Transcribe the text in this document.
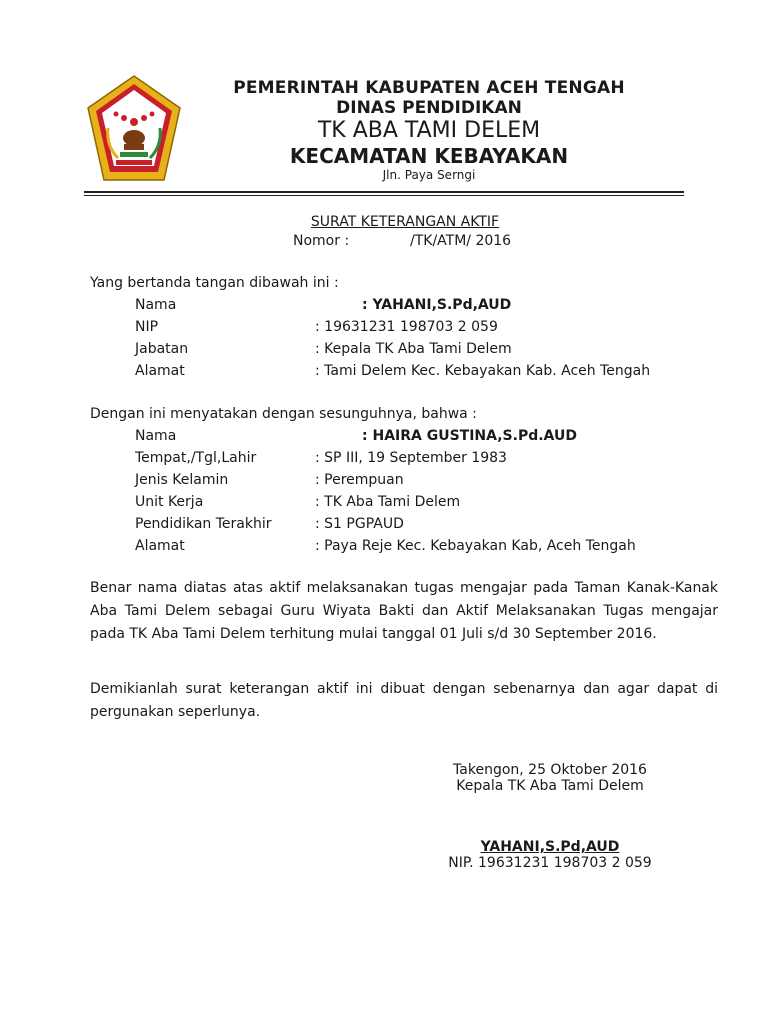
PEMERINTAH KABUPATEN ACEH TENGAH
DINAS PENDIDIKAN
TK ABA TAMI DELEM
KECAMATAN KEBAYAKAN
Jln. Paya Serngi
SURAT KETERANGAN AKTIF
Nomor :	/TK/ATM/ 2016
Yang bertanda tangan dibawah ini :
Nama	: YAHANI,S.Pd,AUD
NIP	: 19631231 198703 2 059
Jabatan	: Kepala TK Aba Tami Delem
Alamat	: Tami Delem Kec. Kebayakan Kab. Aceh Tengah
Dengan ini menyatakan dengan sesunguhnya, bahwa :
Nama	: HAIRA GUSTINA,S.Pd.AUD
Tempat,/Tgl,Lahir	: SP III, 19 September 1983
Jenis Kelamin	: Perempuan
Unit Kerja	: TK Aba Tami Delem
Pendidikan Terakhir	: S1 PGPAUD
Alamat	: Paya Reje Kec. Kebayakan Kab, Aceh Tengah
Benar nama diatas atas aktif melaksanakan tugas mengajar pada Taman Kanak-Kanak Aba Tami Delem sebagai Guru Wiyata Bakti dan Aktif Melaksanakan Tugas mengajar pada TK Aba Tami Delem terhitung mulai tanggal 01 Juli s/d 30 September 2016.
Demikianlah surat keterangan aktif ini dibuat dengan sebenarnya dan agar dapat di pergunakan seperlunya.
Takengon, 25 Oktober 2016
Kepala TK Aba Tami Delem
YAHANI,S.Pd,AUD
NIP. 19631231 198703 2 059
